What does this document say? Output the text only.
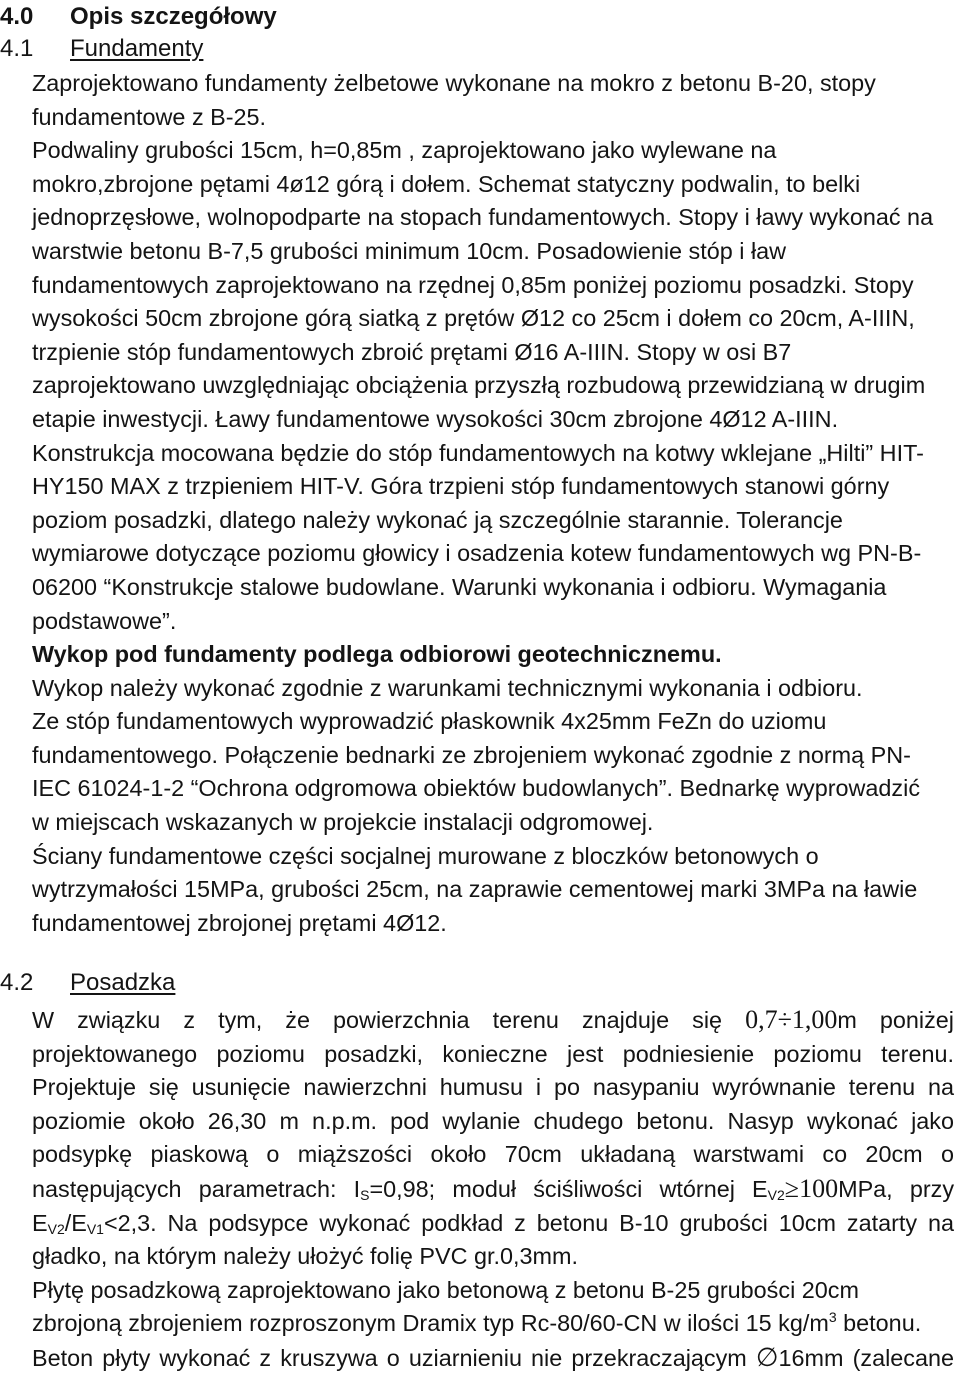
4.0 Opis szczegółowy
4.1 Fundamenty

Zaprojektowano fundamenty żelbetowe wykonane na mokro z betonu B-20, stopy

fundamentowe z B-25.

Podwaliny grubości 15cm, h=0,85m , zaprojektowano jako wylewane na

mokro,zbrojone pętami 4ø12 górą i dołem. Schemat statyczny podwalin, to belki

jednoprzęsłowe, wolnopodparte na stopach fundamentowych. Stopy i ławy wykonać na

warstwie betonu B-7,5 grubości minimum 10cm. Posadowienie stóp i ław

fundamentowych zaprojektowano na rzędnej 0,85m poniżej poziomu posadzki. Stopy

wysokości 50cm zbrojone górą siatką z prętów Ø12 co 25cm i dołem co 20cm, A-IIIN,

trzpienie stóp fundamentowych zbroić prętami Ø16 A-IIIN. Stopy w osi B7

zaprojektowano uwzględniając obciążenia przyszłą rozbudową przewidzianą w drugim

etapie inwestycji. Ławy fundamentowe wysokości 30cm zbrojone 4Ø12 A-IIIN.

Konstrukcja mocowana będzie do stóp fundamentowych na kotwy wklejane „Hilti” HIT-

HY150 MAX z trzpieniem HIT-V. Góra trzpieni stóp fundamentowych stanowi górny

poziom posadzki, dlatego należy wykonać ją szczególnie starannie. Tolerancje

wymiarowe dotyczące poziomu głowicy i osadzenia kotew fundamentowych wg PN-B-

06200 “Konstrukcje stalowe budowlane. Warunki wykonania i odbioru. Wymagania

podstawowe”.

Wykop pod fundamenty podlega odbiorowi geotechnicznemu.

Wykop należy wykonać zgodnie z warunkami technicznymi wykonania i odbioru.

Ze stóp fundamentowych wyprowadzić płaskownik 4x25mm FeZn do uziomu

fundamentowego. Połączenie bednarki ze zbrojeniem wykonać zgodnie z normą PN-

IEC 61024-1-2 “Ochrona odgromowa obiektów budowlanych”. Bednarkę wyprowadzić

w miejscach wskazanych w projekcie instalacji odgromowej.

Ściany fundamentowe części socjalnej murowane z bloczków betonowych o

wytrzymałości 15MPa, grubości 25cm, na zaprawie cementowej marki 3MPa na ławie

fundamentowej zbrojonej prętami 4Ø12.

4.2 Posadzka

W związku z tym, że powierzchnia terenu znajduje się 0,7÷1,00m poniżej

projektowanego poziomu posadzki, konieczne jest podniesienie poziomu terenu.

Projektuje się usunięcie nawierzchni humusu i po nasypaniu wyrównanie terenu na

poziomie około 26,30 m n.p.m. pod wylanie chudego betonu. Nasyp wykonać jako

podsypkę piaskową o miąższości około 70cm układaną warstwami co 20cm o

następujących parametrach: $I_S=0,98$; moduł ściśliwości wtórnej $E_{V2}\ge 100MPa$, przy

$E_{V2}/E_{V1}<2,3$. Na podsypce wykonać podkład z betonu B-10 grubości 10cm zatarty na

gładko, na którym należy ułożyć folię PVC gr.0,3mm.

Płytę posadzkową zaprojektowano jako betonową z betonu B-25 grubości 20cm

zbrojoną zbrojeniem rozproszonym Dramix typ Rc-80/60-CN w ilości 15 $kg/m^3$ betonu.

Beton płyty wykonać z kruszywa o uziarnieniu nie przekraczającym ∅16mm (zalecane
